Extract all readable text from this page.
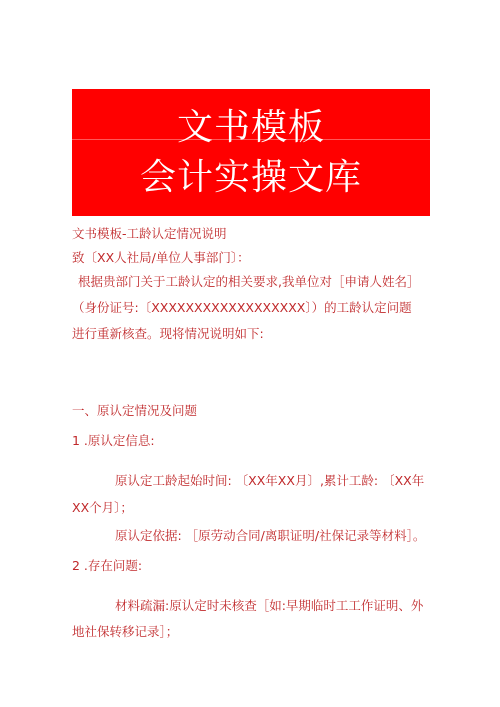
文书模板
会计实操文库
文书模板-工龄认定情况说明
致〔XX人社局/单位人事部门〕：
根据贵部门关于工龄认定的相关要求,我单位对［申请人姓名］
（身份证号:〔XXXXXXXXXXXXXXXXXX〕）的工龄认定问题
进行重新核查。现将情况说明如下:
一、原认定情况及问题
1 .原认定信息:
原认定工龄起始时间: 〔XX年XX月〕,累计工龄: 〔XX年
XX个月〕；
原认定依据: ［原劳动合同/离职证明/社保记录等材料］。
2 .存在问题:
材料疏漏:原认定时未核查［如:早期临时工工作证明、外
地社保转移记录］；
